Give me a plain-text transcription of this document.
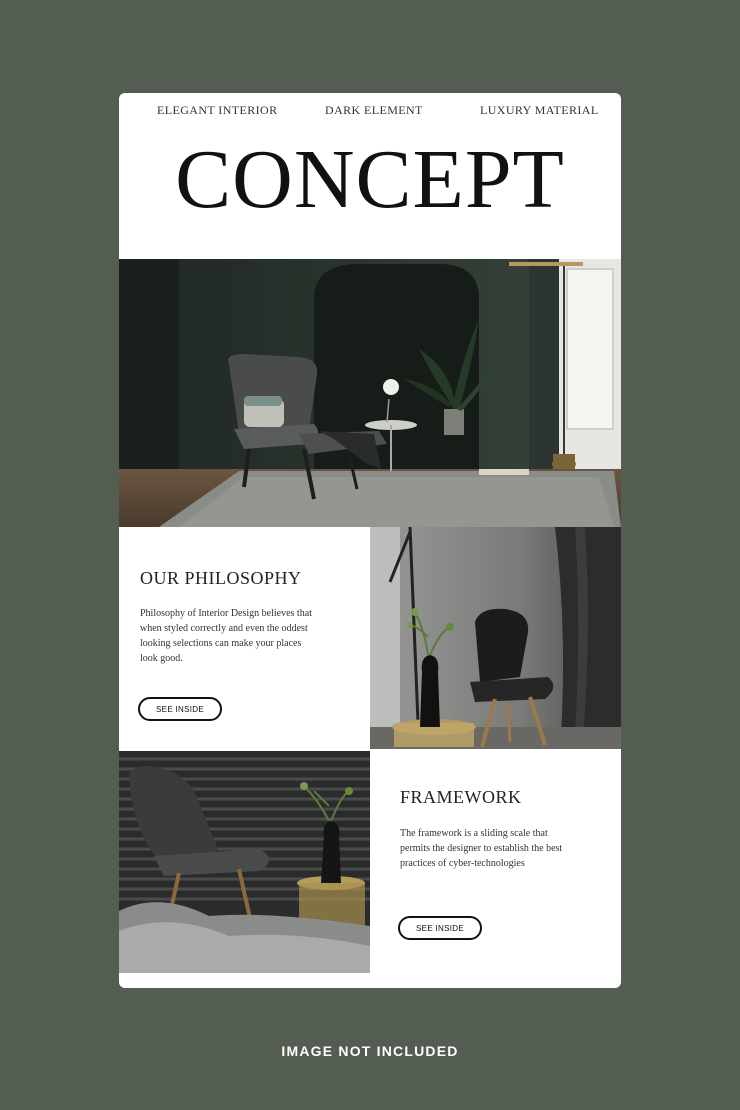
ELEGANT INTERIOR	DARK ELEMENT	LUXURY MATERIAL
CONCEPT
OUR PHILOSOPHY

Philosophy of Interior Design believes that when styled correctly and even the oddest looking selections can make your places look good.

SEE INSIDE
FRAMEWORK

The framework is a sliding scale that permits the designer to establish the best practices of cyber-technologies

SEE INSIDE
IMAGE NOT INCLUDED
